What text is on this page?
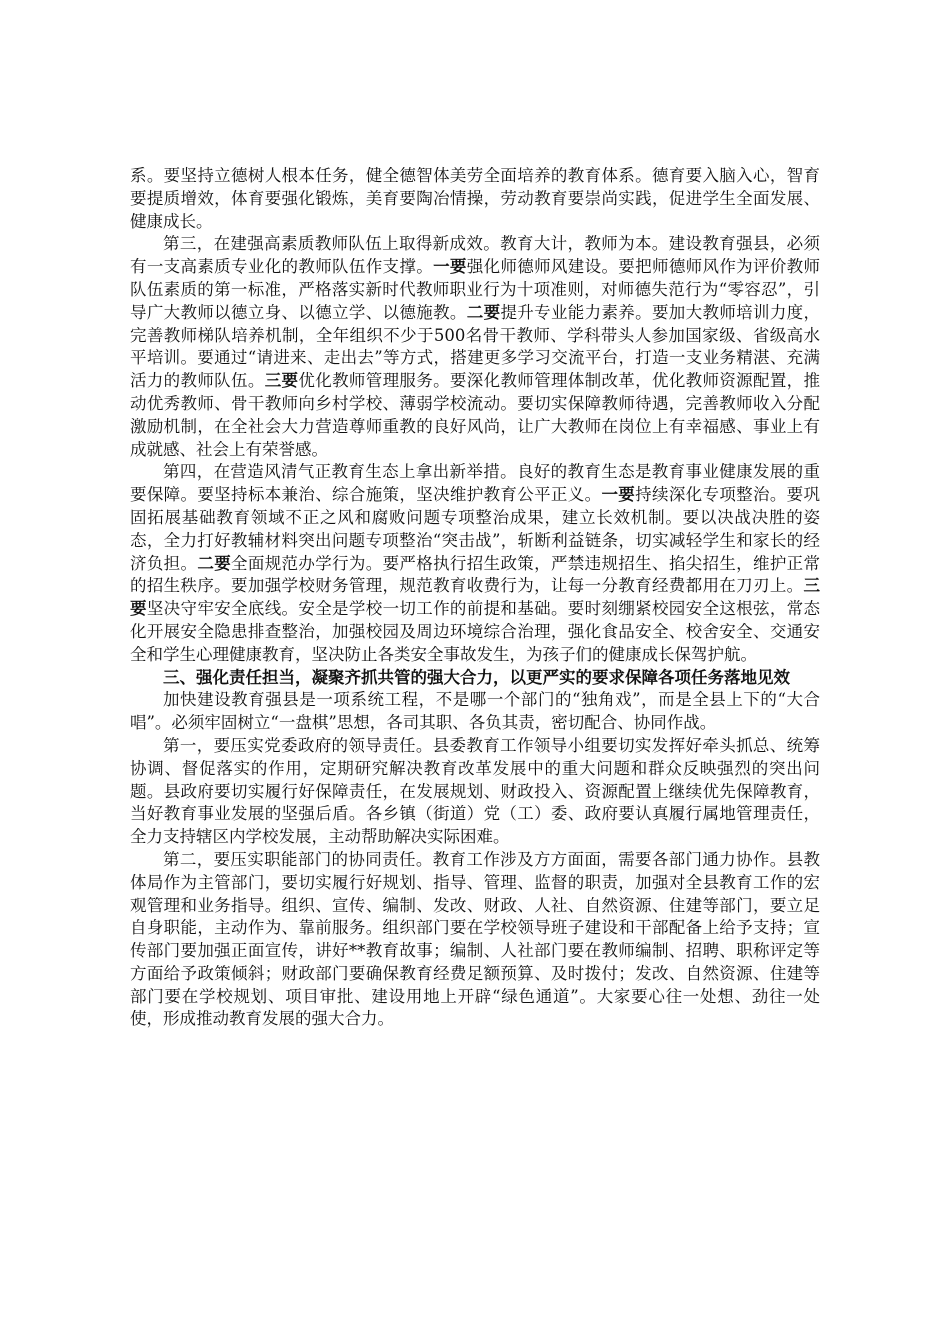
系。要坚持立德树人根本任务，健全德智体美劳全面培养的教育体系。德育要入脑入心，智育要提质增效，体育要强化锻炼，美育要陶冶情操，劳动教育要崇尚实践，促进学生全面发展、健康成长。

第三，在建强高素质教师队伍上取得新成效。教育大计，教师为本。建设教育强县，必须有一支高素质专业化的教师队伍作支撑。一要强化师德师风建设。要把师德师风作为评价教师队伍素质的第一标准，严格落实新时代教师职业行为十项准则，对师德失范行为“零容忍”，引导广大教师以德立身、以德立学、以德施教。二要提升专业能力素养。要加大教师培训力度，完善教师梯队培养机制，全年组织不少于500名骨干教师、学科带头人参加国家级、省级高水平培训。要通过“请进来、走出去”等方式，搭建更多学习交流平台，打造一支业务精湛、充满活力的教师队伍。三要优化教师管理服务。要深化教师管理体制改革，优化教师资源配置，推动优秀教师、骨干教师向乡村学校、薄弱学校流动。要切实保障教师待遇，完善教师收入分配激励机制，在全社会大力营造尊师重教的良好风尚，让广大教师在岗位上有幸福感、事业上有成就感、社会上有荣誉感。

第四，在营造风清气正教育生态上拿出新举措。良好的教育生态是教育事业健康发展的重要保障。要坚持标本兼治、综合施策，坚决维护教育公平正义。一要持续深化专项整治。要巩固拓展基础教育领域不正之风和腐败问题专项整治成果，建立长效机制。要以决战决胜的姿态，全力打好教辅材料突出问题专项整治“突击战”，斩断利益链条，切实减轻学生和家长的经济负担。二要全面规范办学行为。要严格执行招生政策，严禁违规招生、掐尖招生，维护正常的招生秩序。要加强学校财务管理，规范教育收费行为，让每一分教育经费都用在刀刃上。三要坚决守牢安全底线。安全是学校一切工作的前提和基础。要时刻绷紧校园安全这根弦，常态化开展安全隐患排查整治，加强校园及周边环境综合治理，强化食品安全、校舍安全、交通安全和学生心理健康教育，坚决防止各类安全事故发生，为孩子们的健康成长保驾护航。

三、强化责任担当，凝聚齐抓共管的强大合力，以更严实的要求保障各项任务落地见效

加快建设教育强县是一项系统工程，不是哪一个部门的“独角戏”，而是全县上下的“大合唱”。必须牢固树立“一盘棋”思想，各司其职、各负其责，密切配合、协同作战。

第一，要压实党委政府的领导责任。县委教育工作领导小组要切实发挥好牵头抓总、统筹协调、督促落实的作用，定期研究解决教育改革发展中的重大问题和群众反映强烈的突出问题。县政府要切实履行好保障责任，在发展规划、财政投入、资源配置上继续优先保障教育，当好教育事业发展的坚强后盾。各乡镇（街道）党（工）委、政府要认真履行属地管理责任，全力支持辖区内学校发展，主动帮助解决实际困难。

第二，要压实职能部门的协同责任。教育工作涉及方方面面，需要各部门通力协作。县教体局作为主管部门，要切实履行好规划、指导、管理、监督的职责，加强对全县教育工作的宏观管理和业务指导。组织、宣传、编制、发改、财政、人社、自然资源、住建等部门，要立足自身职能，主动作为、靠前服务。组织部门要在学校领导班子建设和干部配备上给予支持；宣传部门要加强正面宣传，讲好**教育故事；编制、人社部门要在教师编制、招聘、职称评定等方面给予政策倾斜；财政部门要确保教育经费足额预算、及时拨付；发改、自然资源、住建等部门要在学校规划、项目审批、建设用地上开辟“绿色通道”。大家要心往一处想、劲往一处使，形成推动教育发展的强大合力。
